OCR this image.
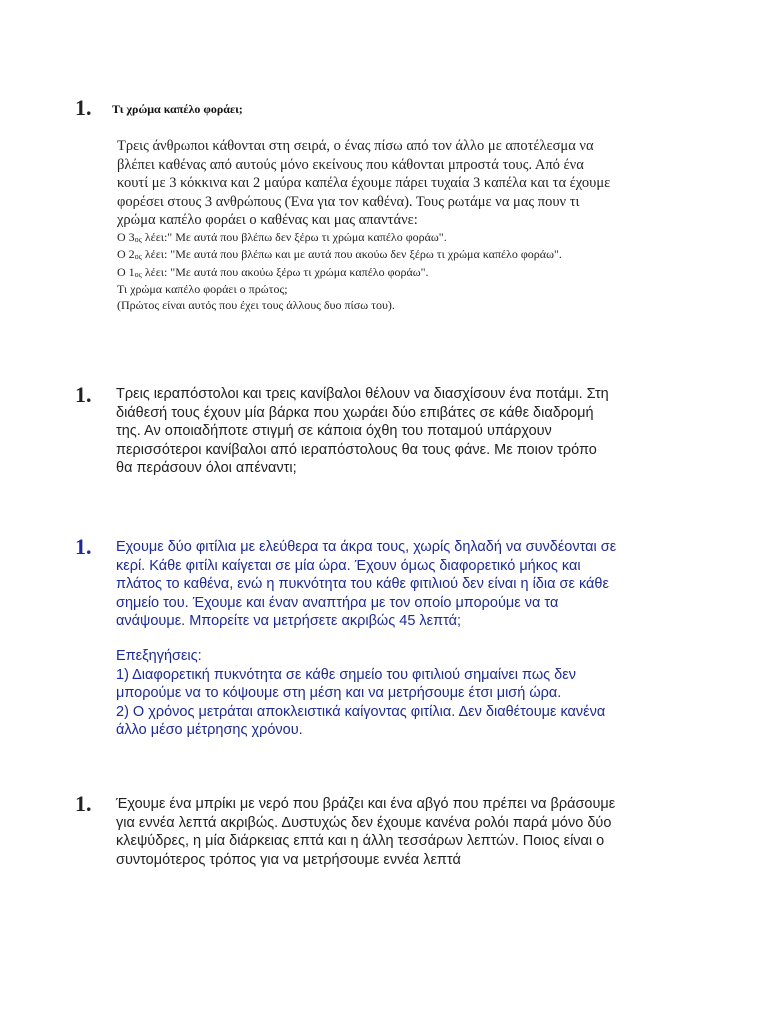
1. Τι χρώμα καπέλο φοράει;
Τρεις άνθρωποι κάθονται στη σειρά, ο ένας πίσω από τον άλλο με αποτέλεσμα να
βλέπει καθένας από αυτούς μόνο εκείνους που κάθονται μπροστά τους. Από ένα
κουτί με 3 κόκκινα και 2 μαύρα καπέλα έχουμε πάρει τυχαία 3 καπέλα και τα έχουμε
φορέσει στους 3 ανθρώπους (Ένα για τον καθένα). Τους ρωτάμε να μας πουν τι
χρώμα καπέλο φοράει ο καθένας και μας απαντάνε:
Ο $3_{o\varsigma}$ λέει:" Με αυτά που βλέπω δεν ξέρω τι χρώμα καπέλο φοράω".
Ο $2_{o\varsigma}$ λέει: "Με αυτά που βλέπω και με αυτά που ακούω δεν ξέρω τι χρώμα καπέλο φοράω".
Ο $1_{o\varsigma}$ λέει: "Με αυτά που ακούω ξέρω τι χρώμα καπέλο φοράω".
Τι χρώμα καπέλο φοράει ο πρώτος;
(Πρώτος είναι αυτός που έχει τους άλλους δυο πίσω του).
1. Τρεις ιεραπόστολοι και τρεις κανίβαλοι θέλουν να διασχίσουν ένα ποτάμι. Στη
διάθεσή τους έχουν μία βάρκα που χωράει δύο επιβάτες σε κάθε διαδρομή
της. Αν οποιαδήποτε στιγμή σε κάποια όχθη του ποταμού υπάρχουν
περισσότεροι κανίβαλοι από ιεραπόστολους θα τους φάνε. Με ποιον τρόπο
θα περάσουν όλοι απέναντι;
1. Εχουμε δύο φιτίλια με ελεύθερα τα άκρα τους, χωρίς δηλαδή να συνδέονται σε
κερί. Κάθε φιτίλι καίγεται σε μία ώρα. Έχουν όμως διαφορετικό μήκος και
πλάτος το καθένα, ενώ η πυκνότητα του κάθε φιτιλιού δεν είναι η ίδια σε κάθε
σημείο του. Έχουμε και έναν αναπτήρα με τον οποίο μπορούμε να τα
ανάψουμε. Μπορείτε να μετρήσετε ακριβώς 45 λεπτά;
Επεξηγήσεις:
1) Διαφορετική πυκνότητα σε κάθε σημείο του φιτιλιού σημαίνει πως δεν
μπορούμε να το κόψουμε στη μέση και να μετρήσουμε έτσι μισή ώρα.
2) Ο χρόνος μετράται αποκλειστικά καίγοντας φιτίλια. Δεν διαθέτουμε κανένα
άλλο μέσο μέτρησης χρόνου.
1. Έχουμε ένα μπρίκι με νερό που βράζει και ένα αβγό που πρέπει να βράσουμε
για εννέα λεπτά ακριβώς. Δυστυχώς δεν έχουμε κανένα ρολόι παρά μόνο δύο
κλεψύδρες, η μία διάρκειας επτά και η άλλη τεσσάρων λεπτών. Ποιος είναι ο
συντομότερος τρόπος για να μετρήσουμε εννέα λεπτά
